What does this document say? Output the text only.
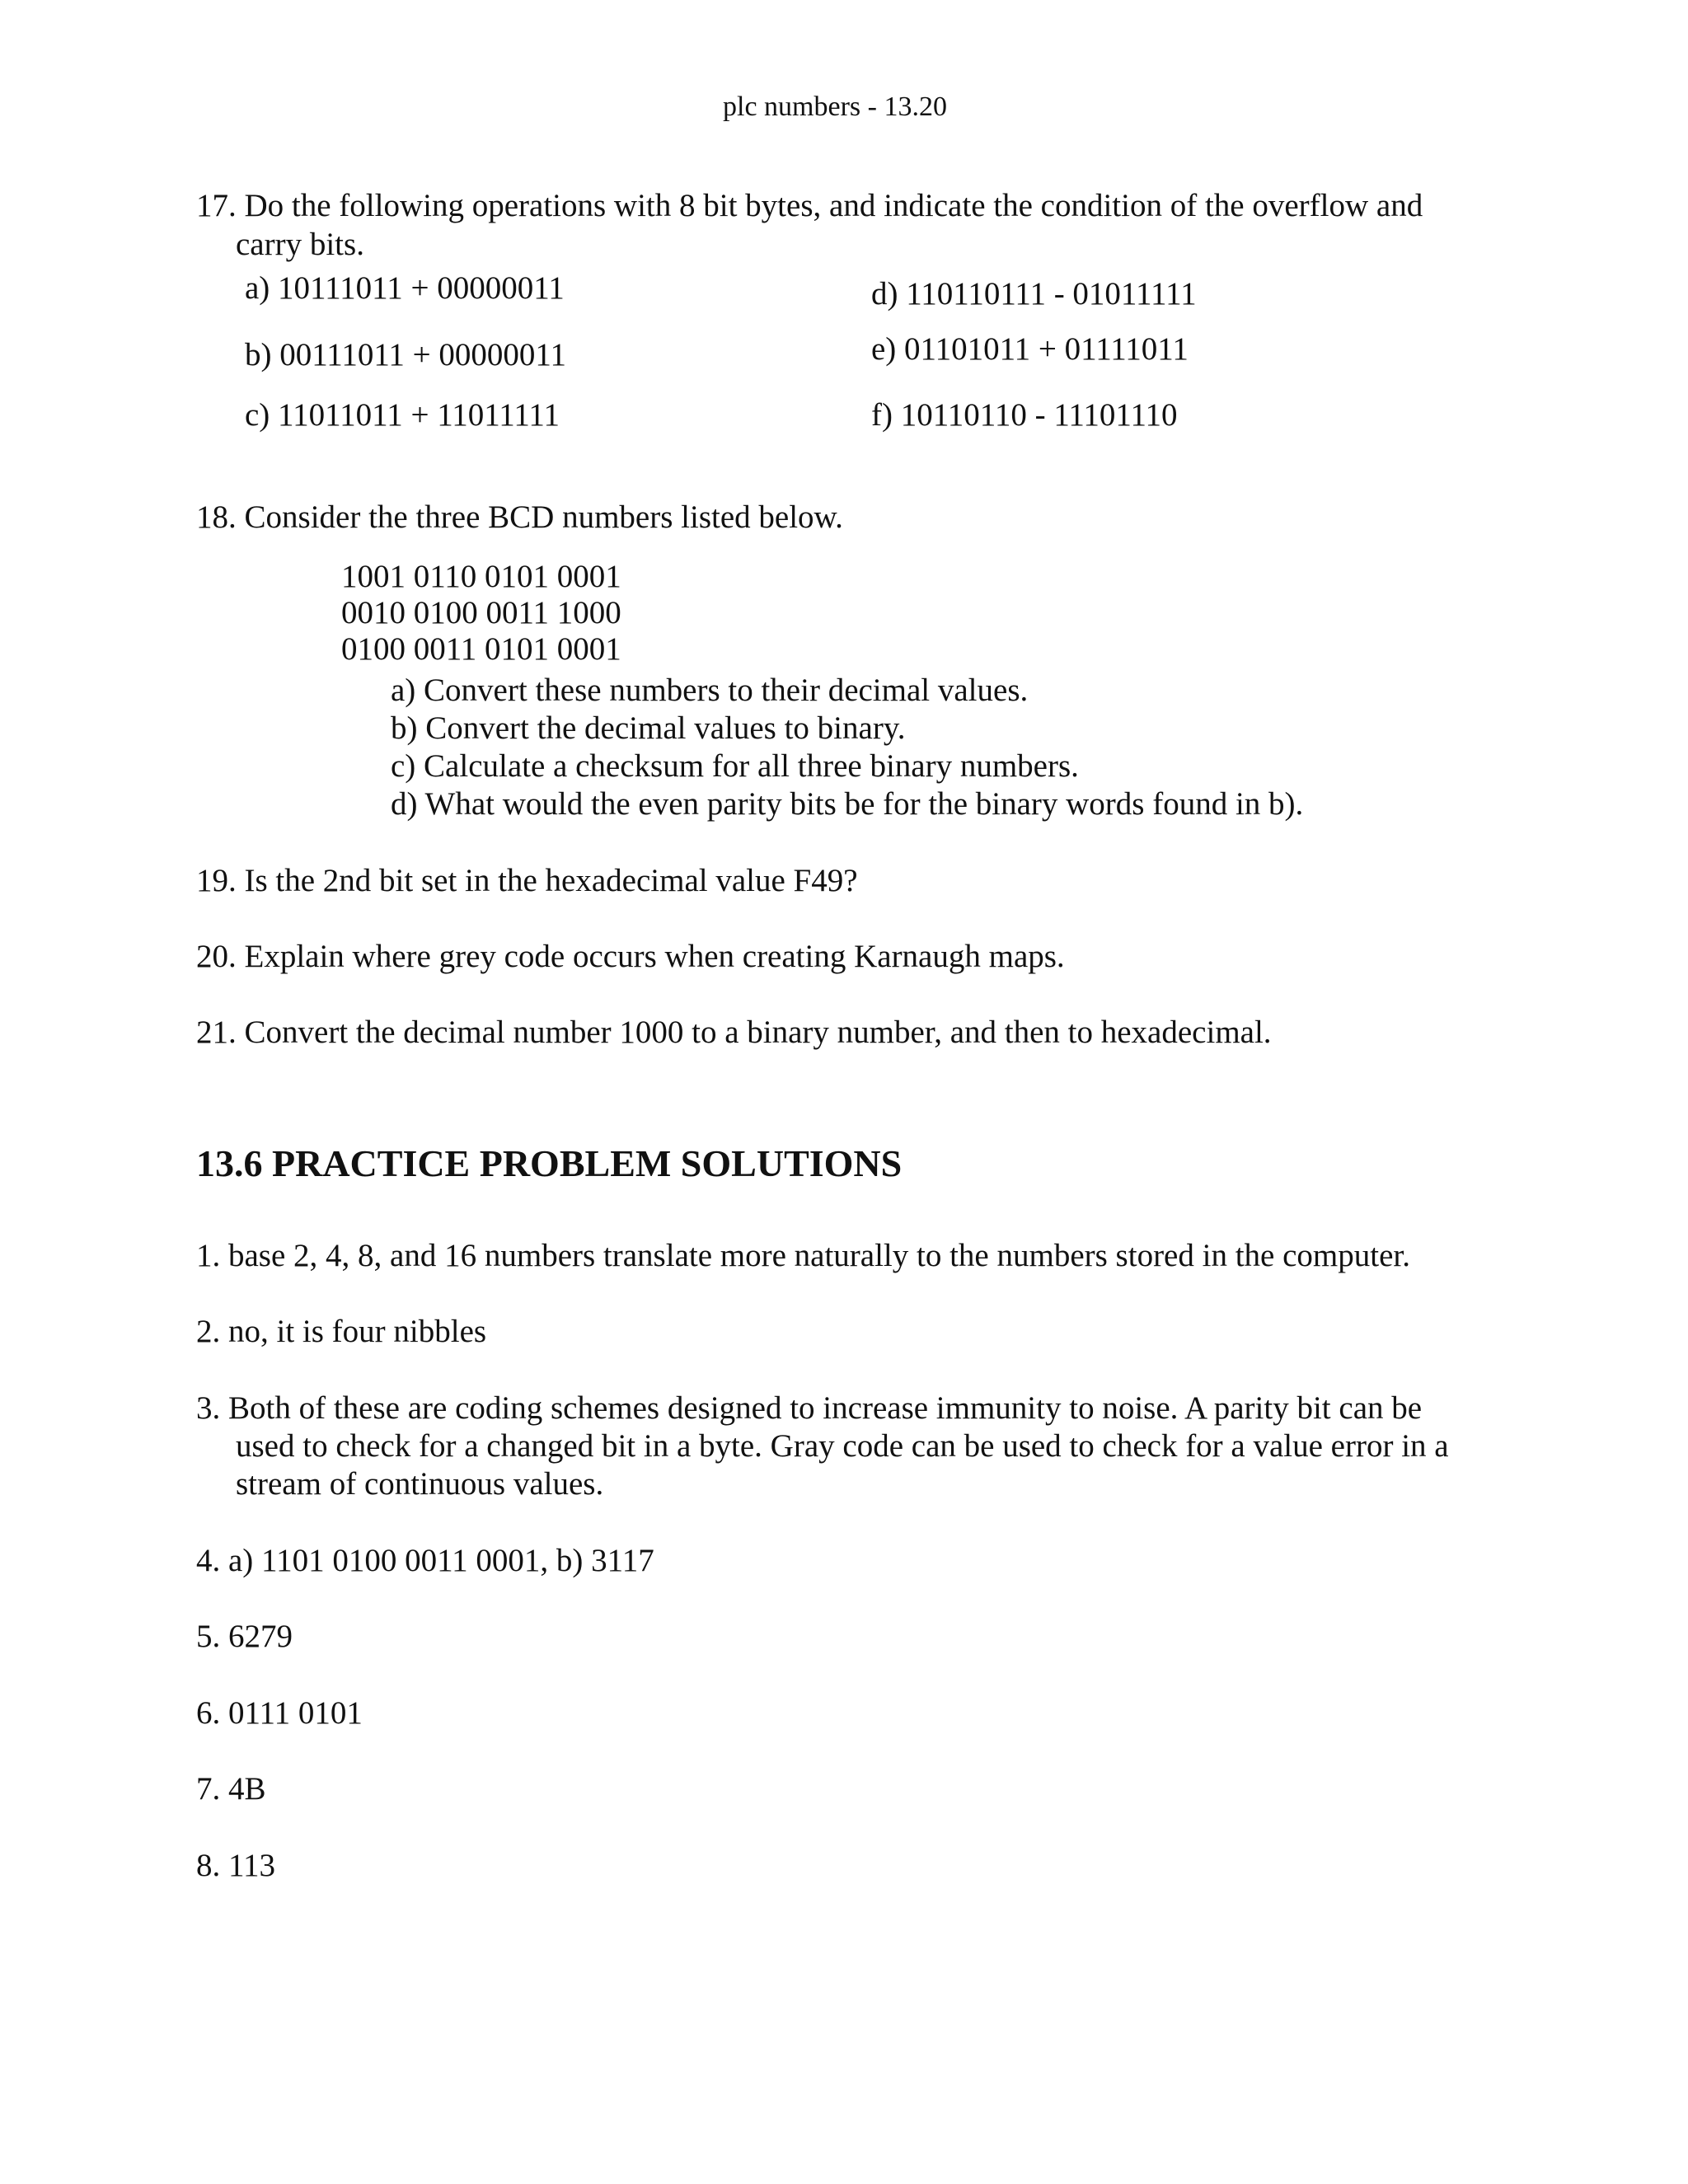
plc numbers - 13.20
17. Do the following operations with 8 bit bytes, and indicate the condition of the overflow and
carry bits.
a) 10111011 + 00000011	d) 110110111 - 01011111
b) 00111011 + 00000011	e) 01101011 + 01111011
c) 11011011 + 11011111	f) 10110110 - 11101110
18. Consider the three BCD numbers listed below.
1001 0110 0101 0001
0010 0100 0011 1000
0100 0011 0101 0001
a) Convert these numbers to their decimal values.
b) Convert the decimal values to binary.
c) Calculate a checksum for all three binary numbers.
d) What would the even parity bits be for the binary words found in b).
19. Is the 2nd bit set in the hexadecimal value F49?
20. Explain where grey code occurs when creating Karnaugh maps.
21. Convert the decimal number 1000 to a binary number, and then to hexadecimal.
13.6 PRACTICE PROBLEM SOLUTIONS
1. base 2, 4, 8, and 16 numbers translate more naturally to the numbers stored in the computer.
2. no, it is four nibbles
3. Both of these are coding schemes designed to increase immunity to noise. A parity bit can be
used to check for a changed bit in a byte. Gray code can be used to check for a value error in a
stream of continuous values.
4. a) 1101 0100 0011 0001, b) 3117
5. 6279
6. 0111 0101
7. 4B
8. 113
